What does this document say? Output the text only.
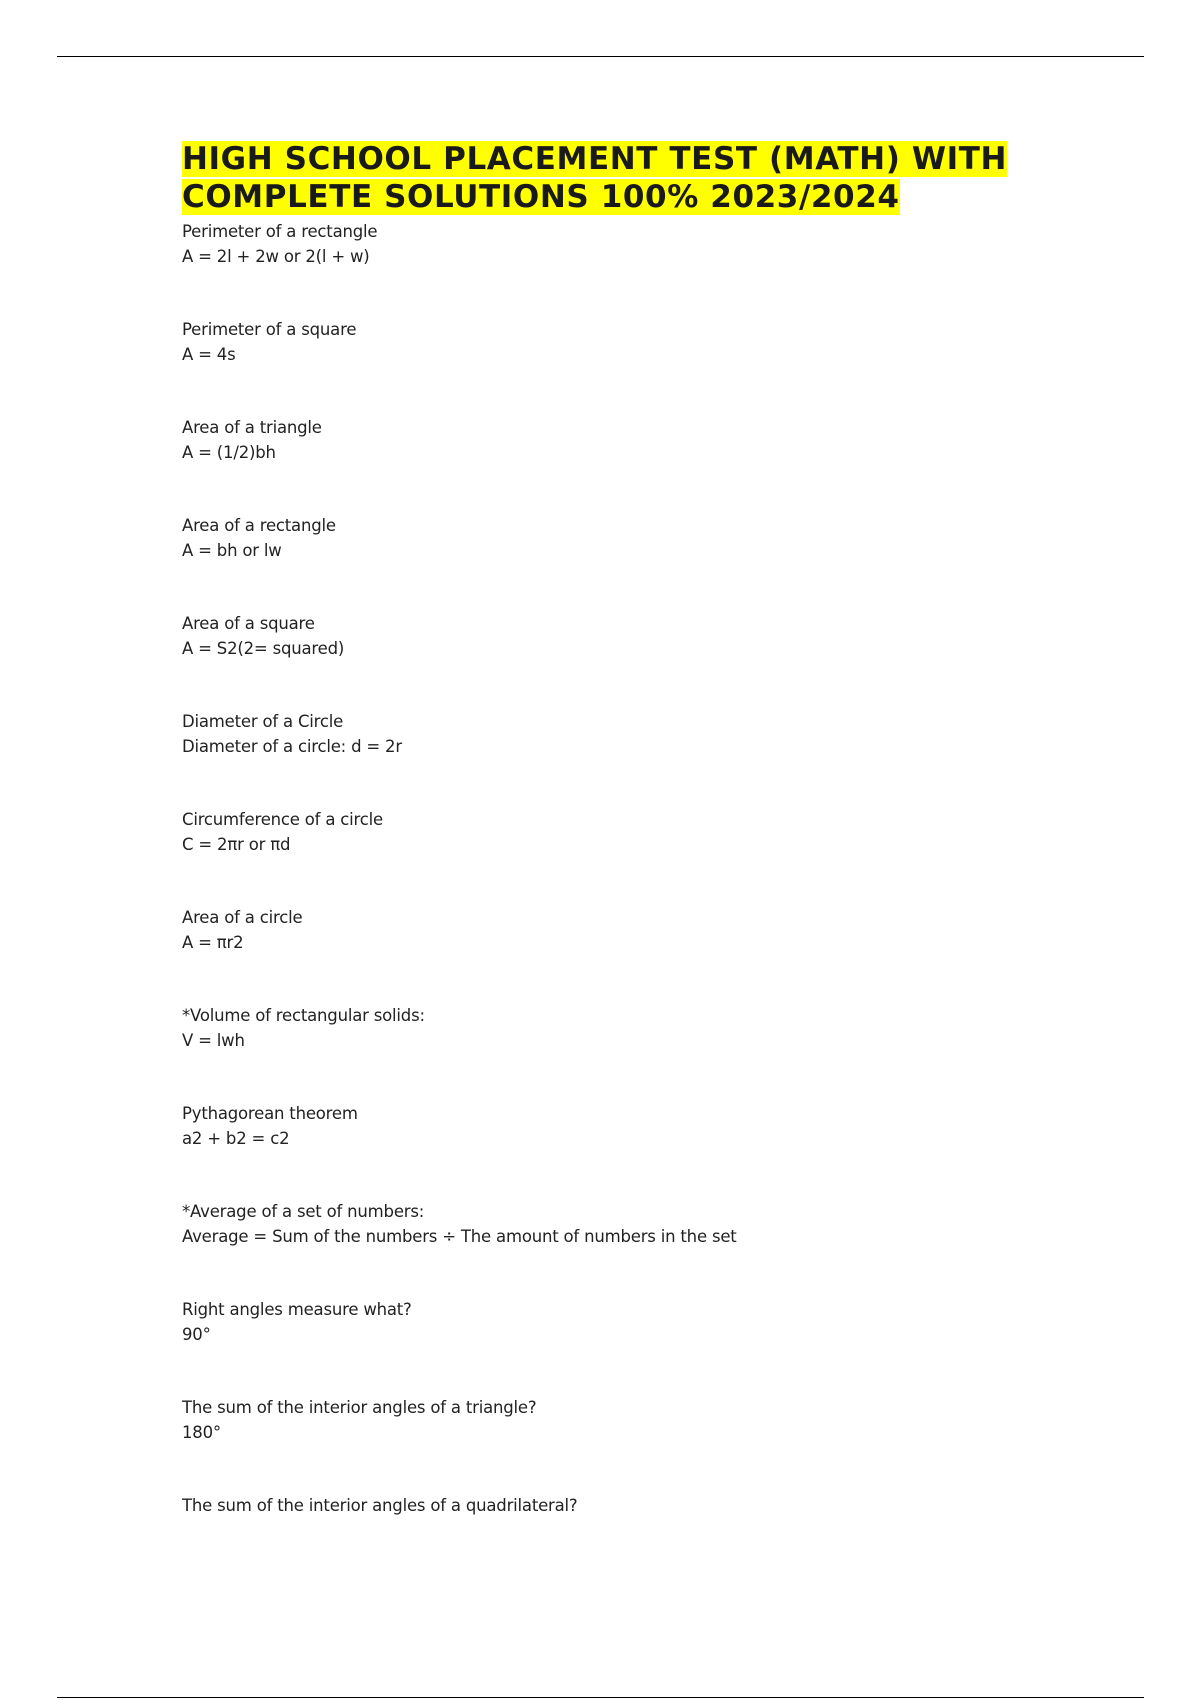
HIGH SCHOOL PLACEMENT TEST (MATH) WITH
COMPLETE SOLUTIONS 100% 2023/2024
Perimeter of a rectangle
A = 2l + 2w or 2(l + w)
Perimeter of a square
A = 4s
Area of a triangle
A = (1/2)bh
Area of a rectangle
A = bh or lw
Area of a square
A = S2(2= squared)
Diameter of a Circle
Diameter of a circle: d = 2r
Circumference of a circle
C = 2πr or πd
Area of a circle
A = πr2
*Volume of rectangular solids:
V = lwh
Pythagorean theorem
a2 + b2 = c2
*Average of a set of numbers:
Average = Sum of the numbers ÷ The amount of numbers in the set
Right angles measure what?
90°
The sum of the interior angles of a triangle?
180°
The sum of the interior angles of a quadrilateral?
